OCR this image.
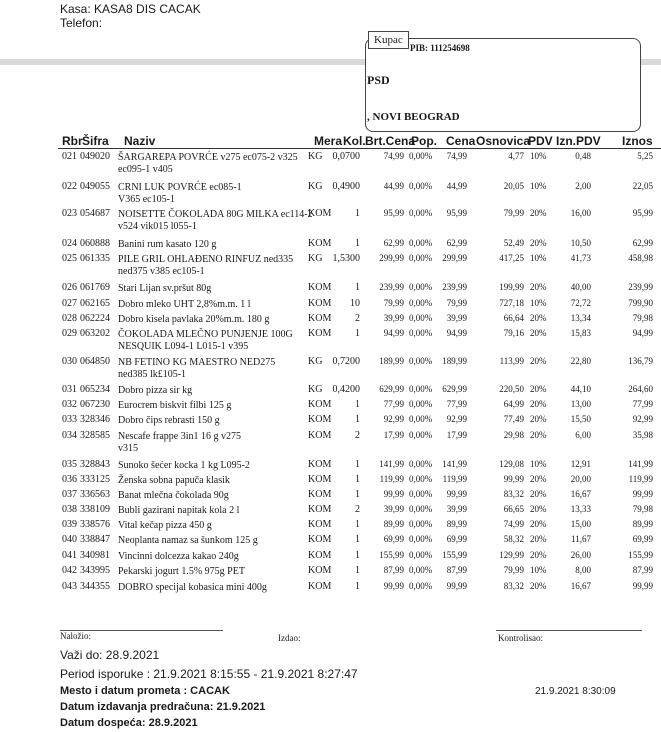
Kasa: KASA8 DIS CACAK
Telefon:
Kupac
PIB: 111254698
PSD
, NOVI BEOGRAD
Rbr Šifra Naziv	Mera Kol. Brt.Cena
Pop. Cena Osnovica
PDV Izn.PDV Iznos
021 049020	KG 0,0700	74,99 0,00% 74,99	4,77 10%	0,48	5,25
ŠARGAREPA POVRĆE v275 ec075-2 v325
ec095-1 v405
022 049055	KG 0,4900	44,99 0,00% 44,99	20,05 10%	2,00	22,05
CRNI LUK POVRĆE ec085-1
V365 ec105-1
023 054687	KOM 1	95,99 0,00% 95,99	79,99 20%	16,00	95,99
NOISETTE ČOKOLADA 80G MILKA ec114-2
v524 vik015 l055-1
024 060888	KOM 1	62,99 0,00% 62,99	52,49 20%	10,50	62,99
Banini rum kasato 120 g
025 061335	KG 1,5300 299,99 0,00% 299,99	417,25 10%	41,73	458,98
PILE GRIL OHLAĐENO RINFUZ ned335
ned375 v385 ec105-1
026 061769	KOM 1 239,99 0,00% 239,99	199,99 20%	40,00	239,99
Stari Lijan sv.pršut 80g
027 062165	KOM 10	79,99 0,00% 79,99	727,18 10%	72,72	799,90
Dobro mleko UHT 2,8%m.m. 1 l
028 062224	KOM 2	39,99 0,00% 39,99	66,64 20%	13,34	79,98
Dobro kisela pavlaka 20%m.m. 180 g
029 063202	KOM 1	94,99 0,00% 94,99	79,16 20%	15,83	94,99
ČOKOLADA MLEČNO PUNJENJE 100G
NESQUIK L094-1 L015-1 v395
030 064850	KG 0,7200 189,99 0,00% 189,99	113,99 20%	22,80	136,79
NB FETINO KG MAESTRO NED275
ned385 lk£105-1
031 065234	KG 0,4200 629,99 0,00% 629,99	220,50 20%	44,10	264,60
Dobro pizza sir kg
032 067230	KOM 1	77,99 0,00% 77,99	64,99 20%	13,00	77,99
Eurocrem biskvit filbi 125 g
033 328346	KOM 1	92,99 0,00% 92,99	77,49 20%	15,50	92,99
Dobro čips rebrasti 150 g
034 328585	KOM 2	17,99 0,00% 17,99	29,98 20%	6,00	35,98
Nescafe frappe 3in1 16 g v275
v315
035 328843	KOM 1 141,99 0,00% 141,99	129,08 10%	12,91	141,99
Sunoko šećer kocka 1 kg L095-2
036 333125	KOM 1 119,99 0,00% 119,99	99,99 20%	20,00	119,99
Ženska sobna papuča klasik
037 336563	KOM 1	99,99 0,00% 99,99	83,32 20%	16,67	99,99
Banat mlečna čokolada 90g
038 338109	KOM 2	39,99 0,00% 39,99	66,65 20%	13,33	79,98
Bubli gazirani napitak kola 2 l
039 338576	KOM 1	89,99 0,00% 89,99	74,99 20%	15,00	89,99
Vital kečap pizza 450 g
040 338847	KOM 1	69,99 0,00% 69,99	58,32 20%	11,67	69,99
Neoplanta namaz sa šunkom 125 g
041 340981	KOM 1 155,99 0,00% 155,99	129,99 20%	26,00	155,99
Vincinni dolcezza kakao 240g
042 343995	KOM 1	87,99 0,00% 87,99	79,99 10%	8,00	87,99
Pekarski jogurt 1.5% 975g PET
043 344355	KOM 1	99,99 0,00% 99,99	83,32 20%	16,67	99,99
DOBRO specijal kobasica mini 400g
Naložio:	Izdao:	Kontrolisao:
Važi do: 28.9.2021
Period isporuke : 21.9.2021 8:15:55 - 21.9.2021 8:27:47
Mesto i datum prometa : CACAK
Datum izdavanja predračuna: 21.9.2021
Datum dospeća: 28.9.2021
21.9.2021 8:30:09
